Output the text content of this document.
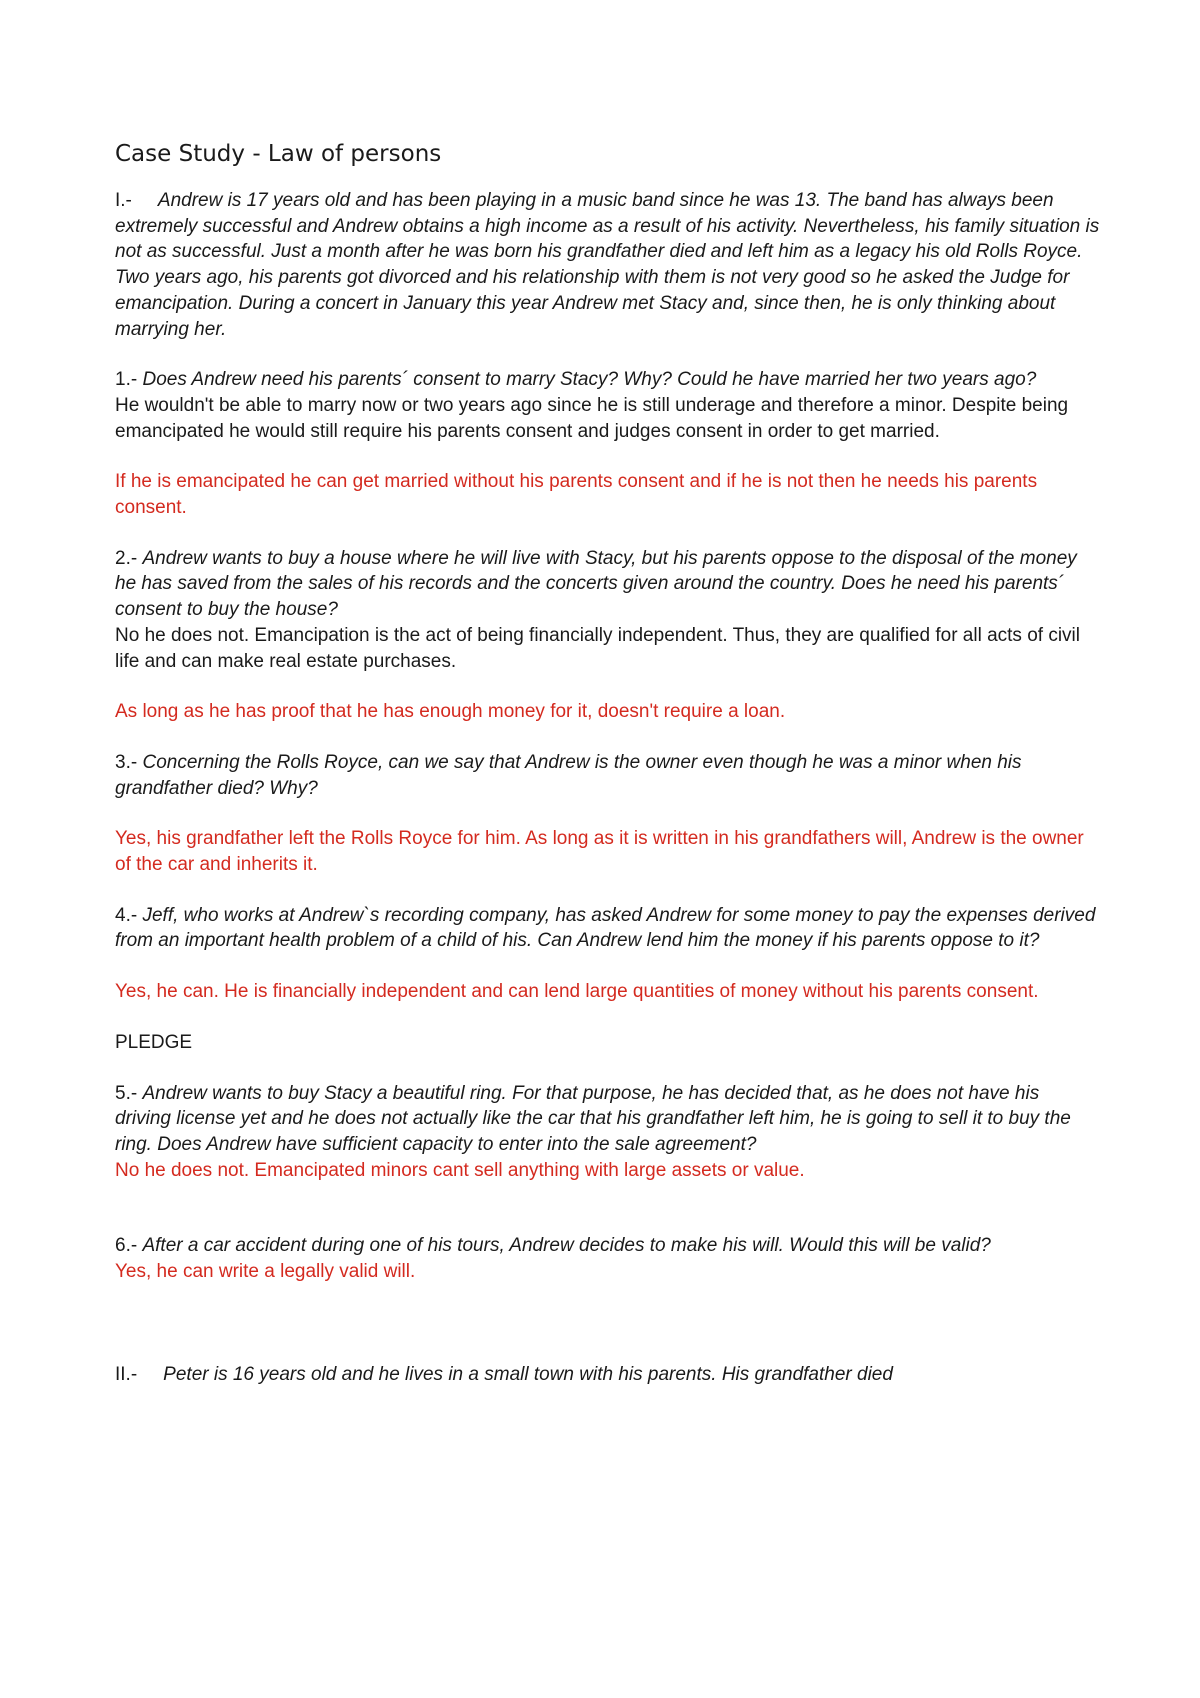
Case Study - Law of persons

I.- Andrew is 17 years old and has been playing in a music band since he was 13. The band has always been extremely successful and Andrew obtains a high income as a result of his activity. Nevertheless, his family situation is not as successful. Just a month after he was born his grandfather died and left him as a legacy his old Rolls Royce. Two years ago, his parents got divorced and his relationship with them is not very good so he asked the Judge for emancipation. During a concert in January this year Andrew met Stacy and, since then, he is only thinking about marrying her.

1.- Does Andrew need his parents´ consent to marry Stacy? Why? Could he have married her two years ago?

He wouldn't be able to marry now or two years ago since he is still underage and therefore a minor. Despite being emancipated he would still require his parents consent and judges consent in order to get married.

If he is emancipated he can get married without his parents consent and if he is not then he needs his parents consent.

2.- Andrew wants to buy a house where he will live with Stacy, but his parents oppose to the disposal of the money he has saved from the sales of his records and the concerts given around the country. Does he need his parents´ consent to buy the house?

No he does not. Emancipation is the act of being financially independent. Thus, they are qualified for all acts of civil life and can make real estate purchases.

As long as he has proof that he has enough money for it, doesn't require a loan.

3.- Concerning the Rolls Royce, can we say that Andrew is the owner even though he was a minor when his grandfather died? Why?

Yes, his grandfather left the Rolls Royce for him. As long as it is written in his grandfathers will, Andrew is the owner of the car and inherits it.

4.- Jeff, who works at Andrew`s recording company, has asked Andrew for some money to pay the expenses derived from an important health problem of a child of his. Can Andrew lend him the money if his parents oppose to it?

Yes, he can. He is financially independent and can lend large quantities of money without his parents consent.

PLEDGE

5.- Andrew wants to buy Stacy a beautiful ring. For that purpose, he has decided that, as he does not have his driving license yet and he does not actually like the car that his grandfather left him, he is going to sell it to buy the ring. Does Andrew have sufficient capacity to enter into the sale agreement?

No he does not. Emancipated minors cant sell anything with large assets or value.

6.- After a car accident during one of his tours, Andrew decides to make his will. Would this will be valid?

Yes, he can write a legally valid will.

II.- Peter is 16 years old and he lives in a small town with his parents. His grandfather died
